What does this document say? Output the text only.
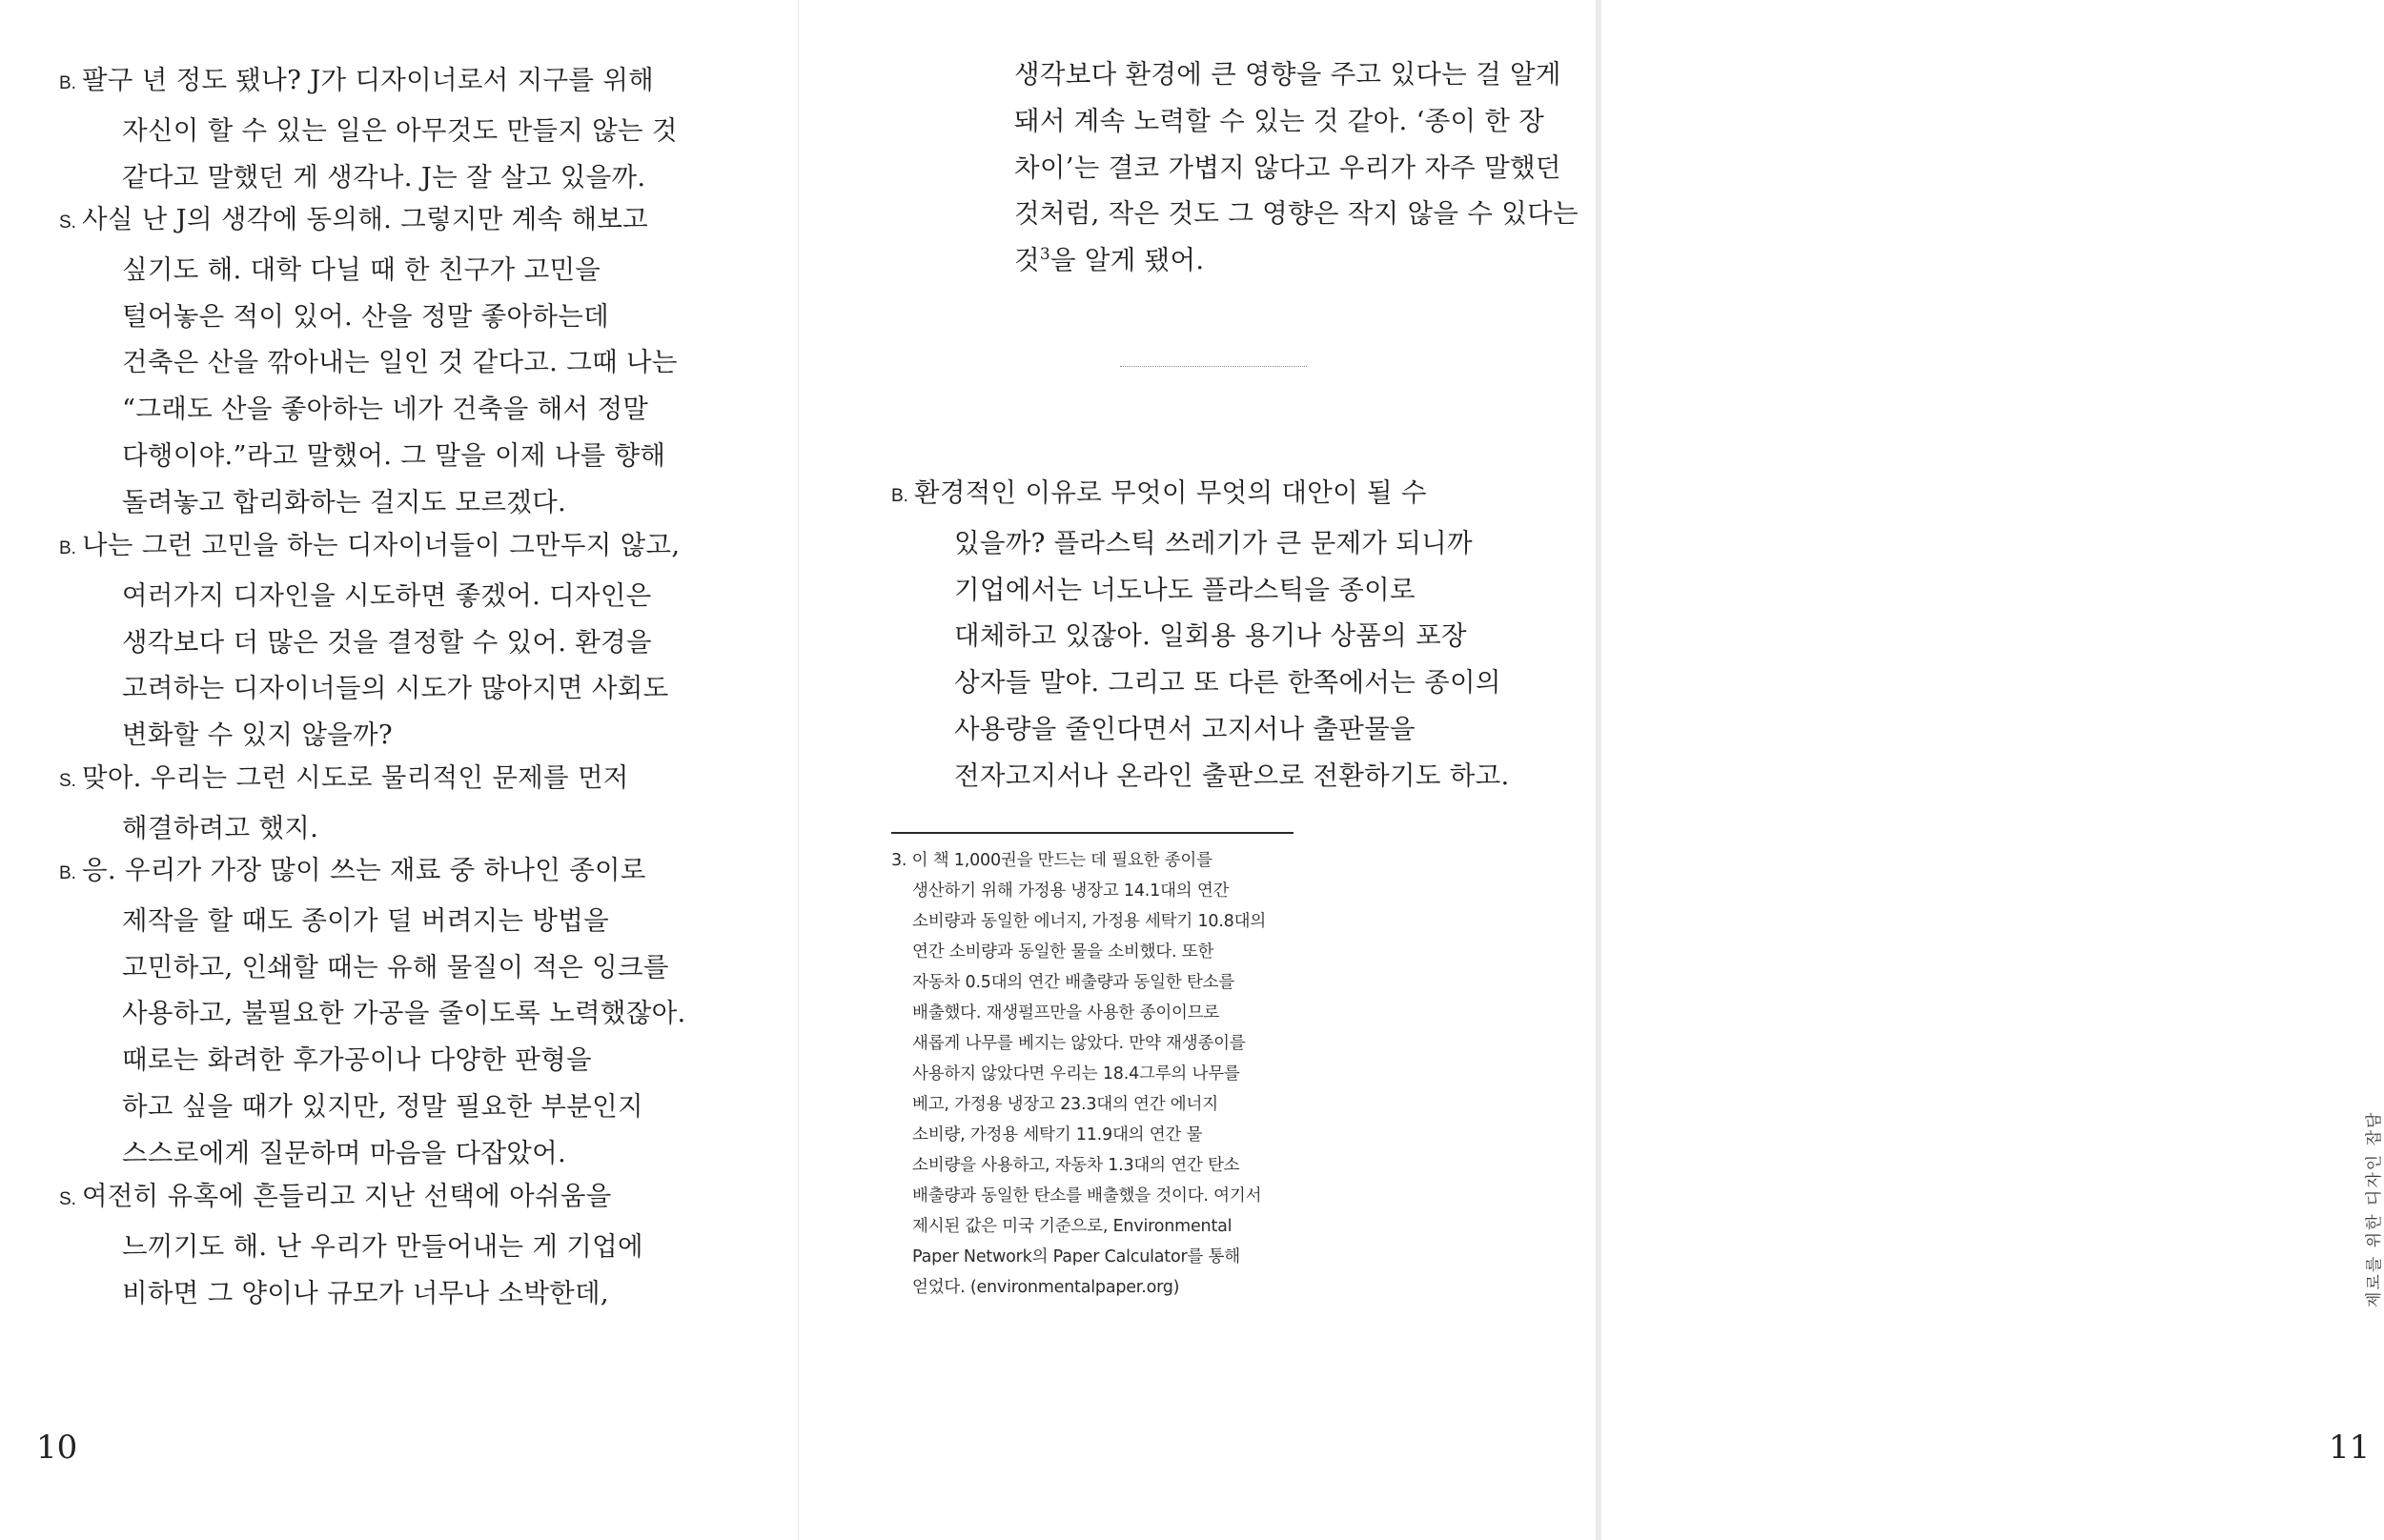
B. 팔구 년 정도 됐나? J가 디자이너로서 지구를 위해
자신이 할 수 있는 일은 아무것도 만들지 않는 것
같다고 말했던 게 생각나. J는 잘 살고 있을까.
S. 사실 난 J의 생각에 동의해. 그렇지만 계속 해보고
싶기도 해. 대학 다닐 때 한 친구가 고민을
털어놓은 적이 있어. 산을 정말 좋아하는데
건축은 산을 깎아내는 일인 것 같다고. 그때 나는
“그래도 산을 좋아하는 네가 건축을 해서 정말
다행이야.”라고 말했어. 그 말을 이제 나를 향해
돌려놓고 합리화하는 걸지도 모르겠다.
B. 나는 그런 고민을 하는 디자이너들이 그만두지 않고,
여러가지 디자인을 시도하면 좋겠어. 디자인은
생각보다 더 많은 것을 결정할 수 있어. 환경을
고려하는 디자이너들의 시도가 많아지면 사회도
변화할 수 있지 않을까?
S. 맞아. 우리는 그런 시도로 물리적인 문제를 먼저
해결하려고 했지.
B. 응. 우리가 가장 많이 쓰는 재료 중 하나인 종이로
제작을 할 때도 종이가 덜 버려지는 방법을
고민하고, 인쇄할 때는 유해 물질이 적은 잉크를
사용하고, 불필요한 가공을 줄이도록 노력했잖아.
때로는 화려한 후가공이나 다양한 판형을
하고 싶을 때가 있지만, 정말 필요한 부분인지
스스로에게 질문하며 마음을 다잡았어.
S. 여전히 유혹에 흔들리고 지난 선택에 아쉬움을
느끼기도 해. 난 우리가 만들어내는 게 기업에
비하면 그 양이나 규모가 너무나 소박한데,
10
생각보다 환경에 큰 영향을 주고 있다는 걸 알게
돼서 계속 노력할 수 있는 것 같아. ‘종이 한 장
차이’는 결코 가볍지 않다고 우리가 자주 말했던
것처럼, 작은 것도 그 영향은 작지 않을 수 있다는
것$^3$을 알게 됐어.
B. 환경적인 이유로 무엇이 무엇의 대안이 될 수
있을까? 플라스틱 쓰레기가 큰 문제가 되니까
기업에서는 너도나도 플라스틱을 종이로
대체하고 있잖아. 일회용 용기나 상품의 포장
상자들 말야. 그리고 또 다른 한쪽에서는 종이의
사용량을 줄인다면서 고지서나 출판물을
전자고지서나 온라인 출판으로 전환하기도 하고.
11
제로를 위한 디자인 잡담
3. 이 책 1,000권을 만드는 데 필요한 종이를
생산하기 위해 가정용 냉장고 14.1대의 연간
소비량과 동일한 에너지, 가정용 세탁기 10.8대의
연간 소비량과 동일한 물을 소비했다. 또한
자동차 0.5대의 연간 배출량과 동일한 탄소를
배출했다. 재생펄프만을 사용한 종이이므로
새롭게 나무를 베지는 않았다. 만약 재생종이를
사용하지 않았다면 우리는 18.4그루의 나무를
베고, 가정용 냉장고 23.3대의 연간 에너지
소비량, 가정용 세탁기 11.9대의 연간 물
소비량을 사용하고, 자동차 1.3대의 연간 탄소
배출량과 동일한 탄소를 배출했을 것이다. 여기서
제시된 값은 미국 기준으로, Environmental
Paper Network의 Paper Calculator를 통해
얻었다. (environmentalpaper.org)
